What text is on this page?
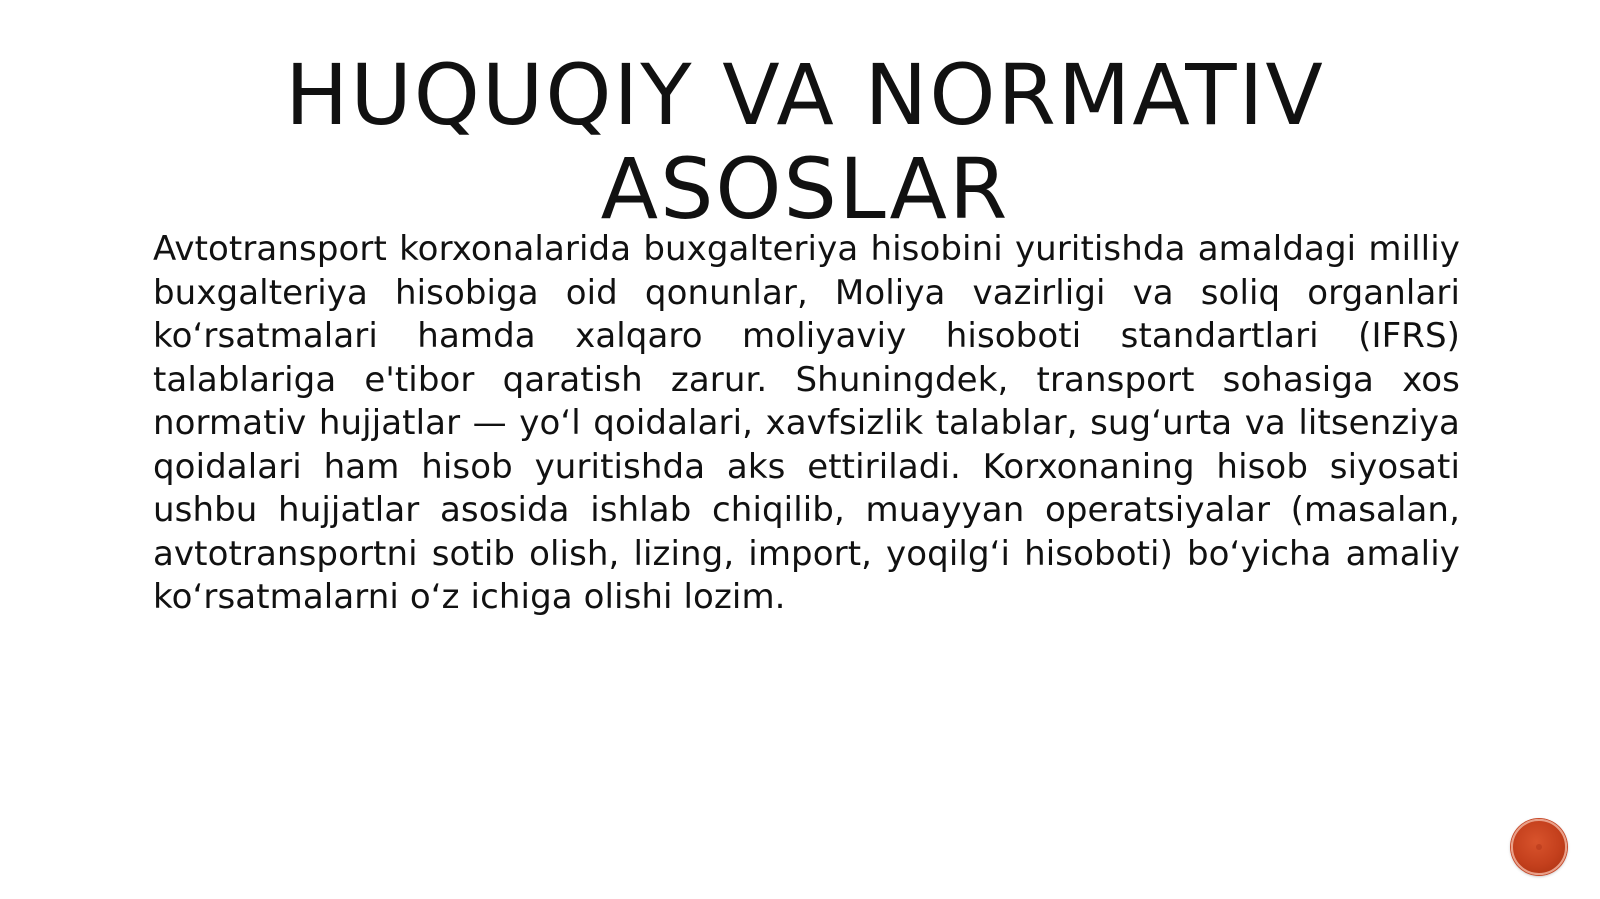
HUQUQIY VA NORMATIV ASOSLAR

Avtotransport korxonalarida buxgalteriya hisobini yuritishda amaldagi milliy buxgalteriya hisobiga oid qonunlar, Moliya vazirligi va soliq organlari ko‘rsatmalari hamda xalqaro moliyaviy hisoboti standartlari (IFRS) talablariga e'tibor qaratish zarur. Shuningdek, transport sohasiga xos normativ hujjatlar — yo‘l qoidalari, xavfsizlik talablar, sug‘urta va litsenziya qoidalari ham hisob yuritishda aks ettiriladi. Korxonaning hisob siyosati ushbu hujjatlar asosida ishlab chiqilib, muayyan operatsiyalar (masalan, avtotransportni sotib olish, lizing, import, yoqilg‘i hisoboti) bo‘yicha amaliy ko‘rsatmalarni o‘z ichiga olishi lozim.
